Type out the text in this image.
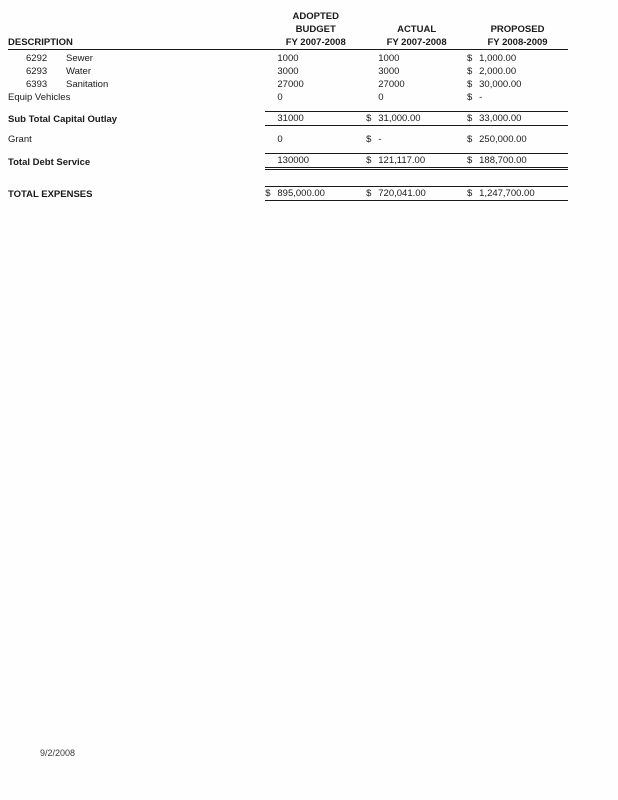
	ADOPTED					
	BUDGET		ACTUAL		PROPOSED	
DESCRIPTION	FY 2007-2008		FY 2007-2008		FY 2008-2009	

6292 Sewer		1000		1000	$	1,000.00
6293 Water		3000		3000	$	2,000.00
6393 Sanitation		27000		27000	$	30,000.00
Equip Vehicles		0		0	$	-

Sub Total Capital Outlay		31000	$	31,000.00	$	33,000.00

Grant		0	$	-	$	250,000.00

Total Debt Service		130000	$	121,117.00	$	188,700.00

TOTAL EXPENSES	$	895,000.00	$	720,041.00	$	1,247,700.00
9/2/2008
